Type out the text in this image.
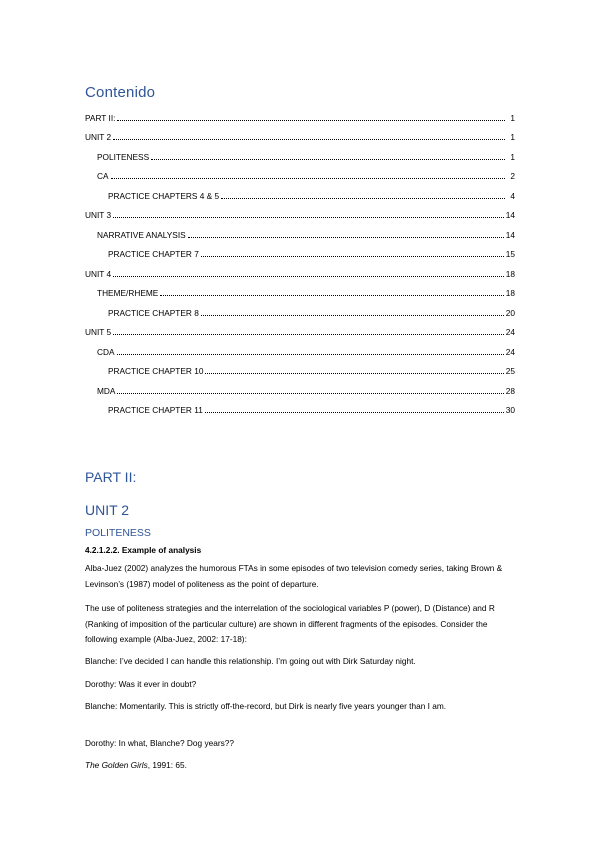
Contenido
PART II:	1
UNIT 2	1
POLITENESS	1
CA	2
PRACTICE CHAPTERS 4 & 5	4
UNIT 3	14
NARRATIVE ANALYSIS	14
PRACTICE CHAPTER 7	15
UNIT 4	18
THEME/RHEME	18
PRACTICE CHAPTER 8	20
UNIT 5	24
CDA	24
PRACTICE CHAPTER 10	25
MDA	28
PRACTICE CHAPTER 11	30
PART II:
UNIT 2
POLITENESS
4.2.1.2.2. Example of analysis
Alba-Juez (2002) analyzes the humorous FTAs in some episodes of two television comedy series, taking Brown & Levinson’s (1987) model of politeness as the point of departure.
The use of politeness strategies and the interrelation of the sociological variables P (power), D (Distance) and R (Ranking of imposition of the particular culture) are shown in different fragments of the episodes. Consider the following example (Alba-Juez, 2002: 17-18):
Blanche: I’ve decided I can handle this relationship. I’m going out with Dirk Saturday night.
Dorothy: Was it ever in doubt?
Blanche: Momentarily. This is strictly off-the-record, but Dirk is nearly five years younger than I am.
Dorothy: In what, Blanche? Dog years??
The Golden Girls, 1991: 65.
